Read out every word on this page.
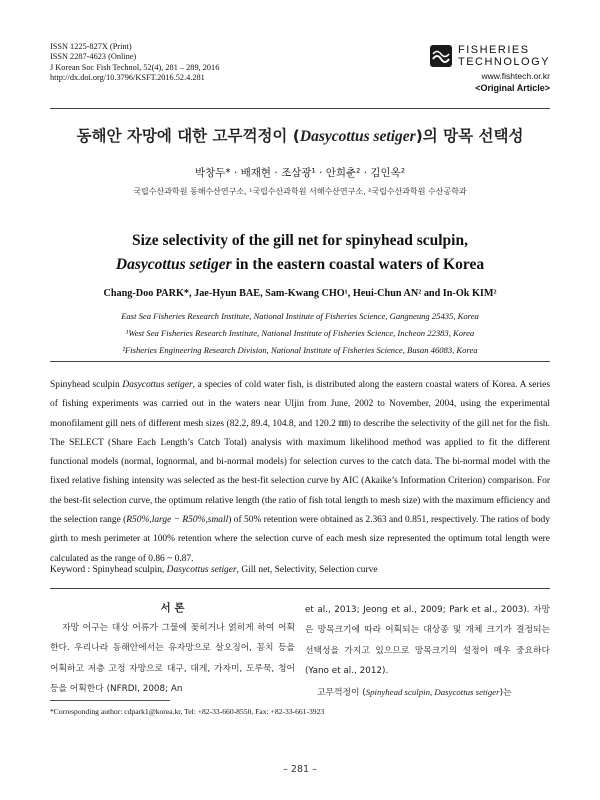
ISSN 1225-827X (Print)
ISSN 2287-4623 (Online)
J Korean Soc Fish Technol, 52(4), 281 – 289, 2016
http://dx.doi.org/10.3796/KSFT.2016.52.4.281
FISHERIES
TECHNOLOGY
www.fishtech.or.kr
<Original Article>
동해안 자망에 대한 고무꺽정이 (Dasycottus setiger)의 망목 선택성
박창두* · 배재현 · 조삼광¹ · 안희춘² · 김인옥²
국립수산과학원 동해수산연구소, ¹국립수산과학원 서해수산연구소, ²국립수산과학원 수산공학과
Size selectivity of the gill net for spinyhead sculpin,
Dasycottus setiger in the eastern coastal waters of Korea
Chang-Doo PARK*, Jae-Hyun BAE, Sam-Kwang CHO¹, Heui-Chun AN² and In-Ok KIM²
East Sea Fisheries Research Institute, National Institute of Fisheries Science, Gangneung 25435, Korea
¹West Sea Fisheries Research Institute, National Institute of Fisheries Science, Incheon 22383, Korea
²Fisheries Engineering Research Division, National Institute of Fisheries Science, Busan 46083, Korea
Spinyhead sculpin Dasycottus setiger, a species of cold water fish, is distributed along the eastern coastal waters of Korea. A series of fishing experiments was carried out in the waters near Uljin from June, 2002 to November, 2004, using the experimental monofilament gill nets of different mesh sizes (82.2, 89.4, 104.8, and 120.2 ㎜) to describe the selectivity of the gill net for the fish. The SELECT (Share Each Length’s Catch Total) analysis with maximum likelihood method was applied to fit the different functional models (normal, lognormal, and bi-normal models) for selection curves to the catch data. The bi-normal model with the fixed relative fishing intensity was selected as the best-fit selection curve by AIC (Akaike’s Information Criterion) comparison. For the best-fit selection curve, the optimum relative length (the ratio of fish total length to mesh size) with the maximum efficiency and the selection range (R50%,large − R50%,small) of 50% retention were obtained as 2.363 and 0.851, respectively. The ratios of body girth to mesh perimeter at 100% retention where the selection curve of each mesh size represented the optimum total length were calculated as the range of 0.86 ~ 0.87.
Keyword : Spinyhead sculpin, Dasycottus setiger, Gill net, Selectivity, Selection curve
서 론
자망 어구는 대상 어류가 그물에 꽂히거나 얽히게 하여 어획한다. 우리나라 동해안에서는 유자망으로 살오징어, 꽁치 등을 어획하고 저층 고정 자망으로 대구, 대게, 가자미, 도루묵, 청어 등을 어획한다 (NFRDI, 2008; An
et al., 2013; Jeong et al., 2009; Park et al., 2003). 자망은 망목크기에 따라 어획되는 대상종 및 개체 크기가 결정되는 선택성을 가지고 있으므로 망목크기의 설정이 매우 중요하다 (Yano et al., 2012).
고무꺽정이 (Spinyhead sculpin, Dasycottus setiger)는
*Corresponding author: cdpark1@korea.kr, Tel: +82-33-660-8550, Fax: +82-33-661-3923
– 281 –
